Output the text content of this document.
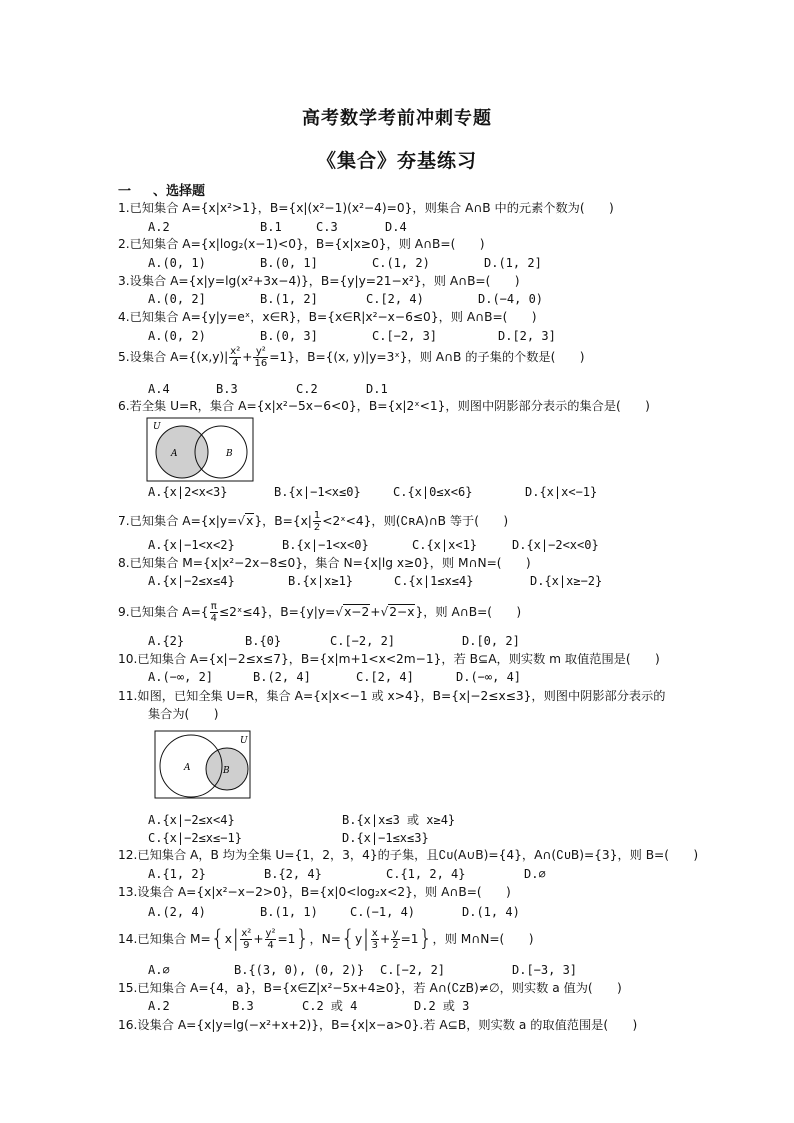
高考数学考前冲刺专题
《集合》夯基练习
一 、选择题
1.已知集合 A={x|x²>1}，B={x|(x²−1)(x²−4)=0}，则集合 A∩B 中的元素个数为(　　)
A.2	B.1	C.3	D.4
2.已知集合 A={x|log₂(x−1)<0}，B={x|x≥0}，则 A∩B=(　　)
A.(0, 1)	B.(0, 1]	C.(1, 2)	D.(1, 2]
3.设集合 A={x|y=lg(x²+3x−4)}，B={y|y=21−x²}，则 A∩B=(　　)
A.(0, 2]	B.(1, 2]	C.[2, 4)	D.(−4, 0)
4.已知集合 A={y|y=eˣ，x∈R}，B={x∈R|x²−x−6≤0}，则 A∩B=(　　)
A.(0, 2)	B.(0, 3]	C.[−2, 3]	D.[2, 3]
5.设集合 $A=\{(x,y)| \frac{\text{x²}}{4} + \frac{\text{y²}}{16} =1\}$，B={(x, y)|y=3ˣ}，则 A∩B 的子集的个数是(　　)
A.4	B.3	C.2	D.1
6.若全集 U=R，集合 A={x|x²−5x−6<0}，B={x|2ˣ<1}，则图中阴影部分表示的集合是(　　)
U
A	B
A.{x|2<x<3}	B.{x|−1<x≤0}	C.{x|0≤x<6}	D.{x|x<−1}
7.已知集合 A={x|y=√x}，$B=\{x| \frac{1}{2}$ <2ˣ<4}，则(∁ʀA)∩B 等于(　　)
A.{x|−1<x<2}	B.{x|−1<x<0}	C.{x|x<1}	D.{x|−2<x<0}
8.已知集合 M={x|x²−2x−8≤0}，集合 N={x|lg x≥0}，则 M∩N=(　　)
A.{x|−2≤x≤4}	B.{x|x≥1}	C.{x|1≤x≤4}	D.{x|x≥−2}
9.已知集合 $A=\{ \frac{\pi}{4}$ ≤2ˣ≤4}，B={y|y=√x−2+√2−x}，则 A∩B=(　　)
A.{2}	B.{0}	C.[−2, 2]	D.[0, 2]
10.已知集合 A={x|−2≤x≤7}，B={x|m+1<x<2m−1}，若 B⊆A，则实数 m 取值范围是(　　)
A.(−∞, 2]	B.(2, 4]	C.[2, 4]	D.(−∞, 4]
11.如图，已知全集 U=R，集合 A={x|x<−1 或 x>4}，B={x|−2≤x≤3}，则图中阴影部分表示的
集合为(　　)
U
A	B
A.{x|−2≤x<4}	B.{x|x≤3 或 x≥4}
C.{x|−2≤x≤−1}	D.{x|−1≤x≤3}
12.已知集合 A，B 均为全集 U={1，2，3，4}的子集，且∁ᴜ(A∪B)={4}，A∩(∁ᴜB)={3}，则 B=(　　)
A.{1, 2}	B.{2, 4}	C.{1, 2, 4}	D.∅
13.设集合 A={x|x²−x−2>0}，B={x|0<log₂x<2}，则 A∩B=(　　)
A.(2, 4)	B.(1, 1)	C.(−1, 4)	D.(1, 4)
14.已知集合 $M=\{x| \frac{\text{x²}}{9} + \frac{\text{y²}}{4} =1\}$，$N=\{y| \frac{x}{3} + \frac{y}{2} =1\}$，则 M∩N=(　　)
A.∅	B.{(3, 0), (0, 2)} C.[−2, 2]	D.[−3, 3]
15.已知集合 A={4，a}，B={x∈Z|x²−5x+4≥0}，若 A∩(∁ᴢB)≠∅，则实数 a 值为(　　)
A.2	B.3	C.2 或 4	D.2 或 3
16.设集合 A={x|y=lg(−x²+x+2)}，B={x|x−a>0}.若 A⊆B，则实数 a 的取值范围是(　　)
